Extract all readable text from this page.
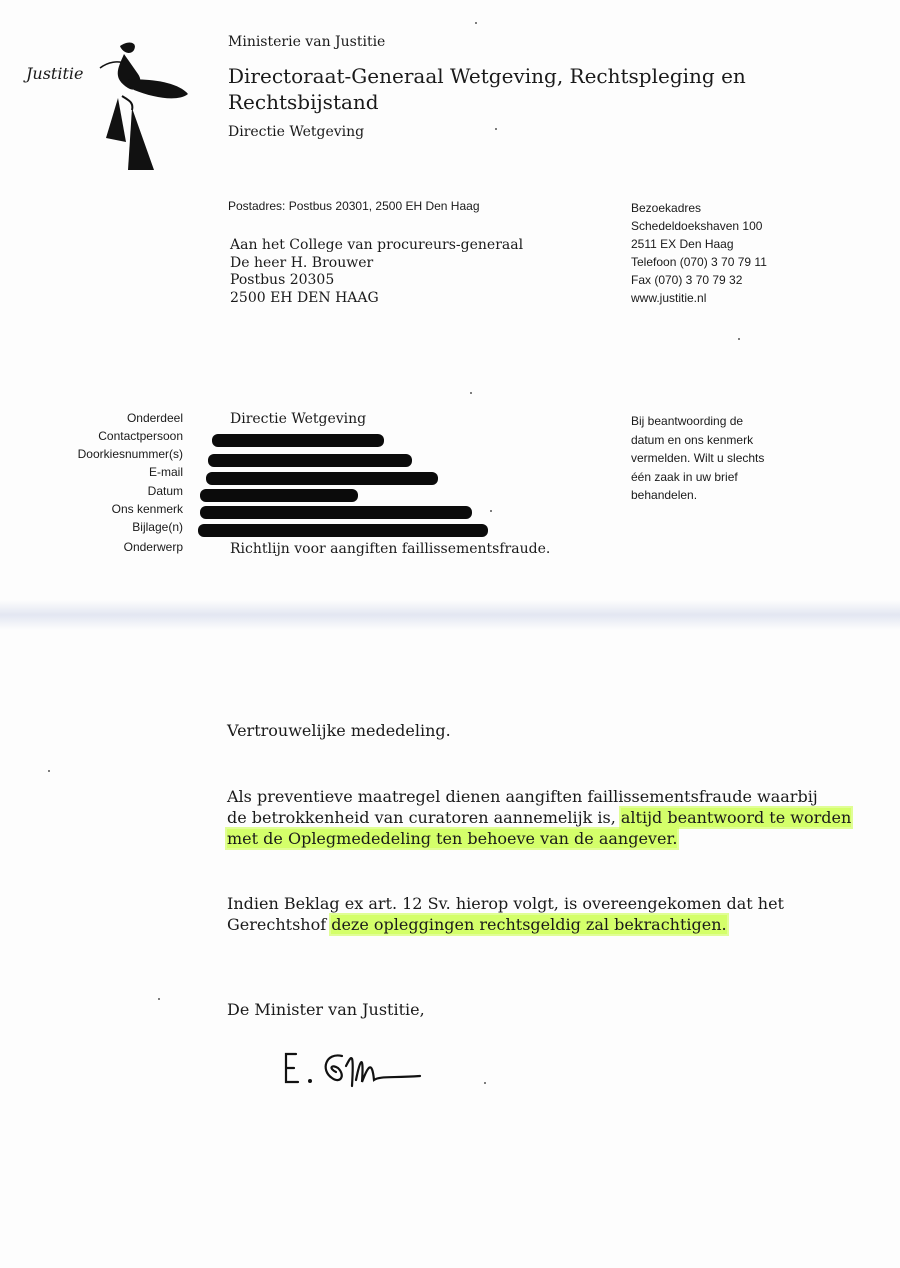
Justitie
Ministerie van Justitie
Directoraat-Generaal Wetgeving, Rechtspleging en
Rechtsbijstand
Directie Wetgeving
Postadres: Postbus 20301, 2500 EH Den Haag
Aan het College van procureurs-generaal
De heer H. Brouwer
Postbus 20305
2500 EH DEN HAAG
Bezoekadres
Schedeldoekshaven 100
2511 EX Den Haag
Telefoon (070) 3 70 79 11
Fax (070) 3 70 79 32
www.justitie.nl
Bij beantwoording de
datum en ons kenmerk
vermelden. Wilt u slechts
één zaak in uw brief
behandelen.
Onderdeel
Contactpersoon
Doorkiesnummer(s)
E-mail
Datum
Ons kenmerk
Bijlage(n)
Onderwerp
Directie Wetgeving
Richtlijn voor aangiften faillissementsfraude.
Vertrouwelijke mededeling.
Als preventieve maatregel dienen aangiften faillissementsfraude waarbij
de betrokkenheid van curatoren aannemelijk is, altijd beantwoord te worden
met de Oplegmededeling ten behoeve van de aangever.
Indien Beklag ex art. 12 Sv. hierop volgt, is overeengekomen dat het
Gerechtshof deze opleggingen rechtsgeldig zal bekrachtigen.
De Minister van Justitie,
